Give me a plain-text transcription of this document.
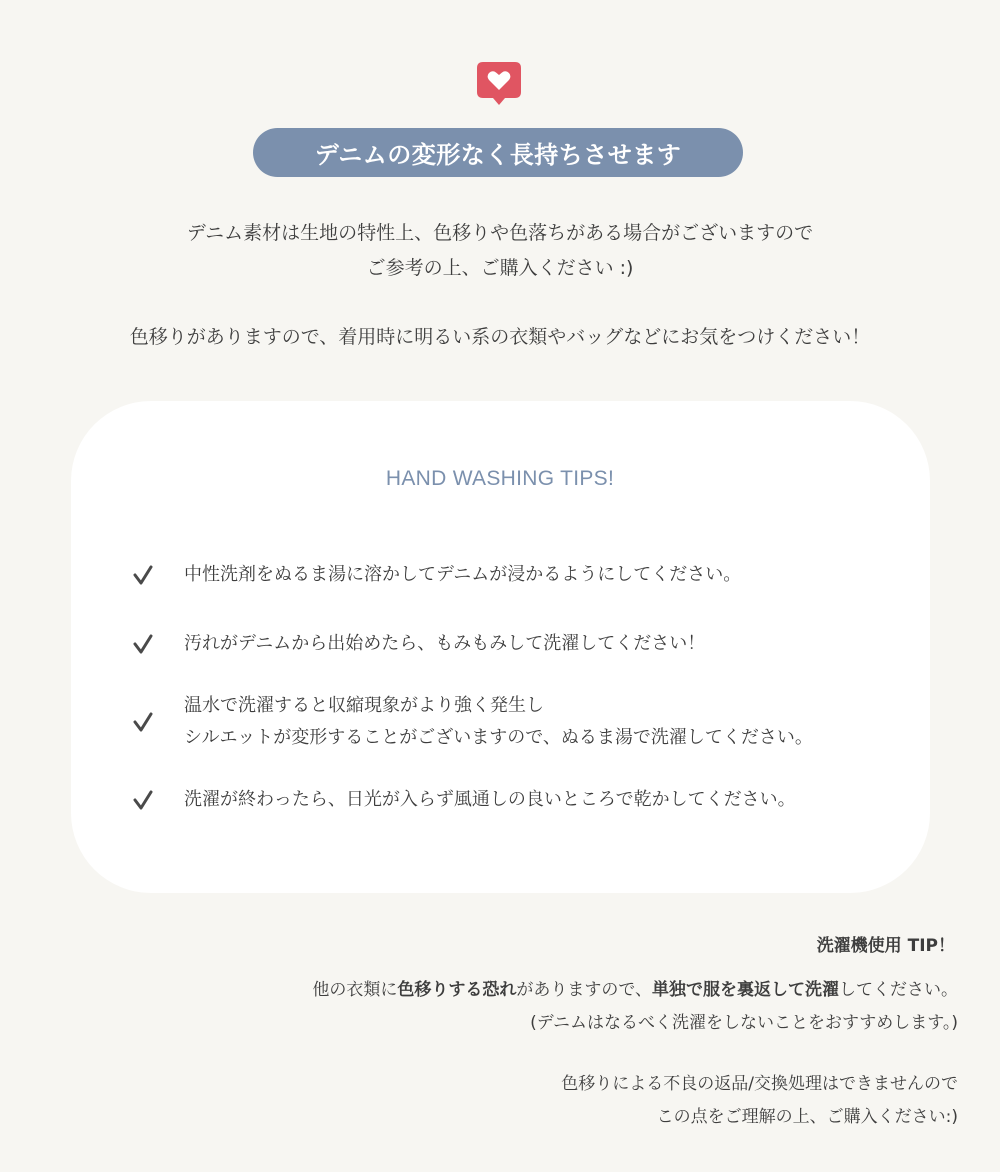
デニムの変形なく長持ちさせます
デニム素材は生地の特性上、色移りや色落ちがある場合がございますので
ご参考の上、ご購入ください :)
色移りがありますので、着用時に明るい系の衣類やバッグなどにお気をつけください！
HAND WASHING TIPS!
中性洗剤をぬるま湯に溶かしてデニムが浸かるようにしてください。
汚れがデニムから出始めたら、もみもみして洗濯してください！
温水で洗濯すると収縮現象がより強く発生し
シルエットが変形することがございますので、ぬるま湯で洗濯してください。
洗濯が終わったら、日光が入らず風通しの良いところで乾かしてください。
洗濯機使用 TIP！
他の衣類に色移りする恐れがありますので、単独で服を裏返して洗濯してください。
(デニムはなるべく洗濯をしないことをおすすめします。)
色移りによる不良の返品/交換処理はできませんので
この点をご理解の上、ご購入ください:)
